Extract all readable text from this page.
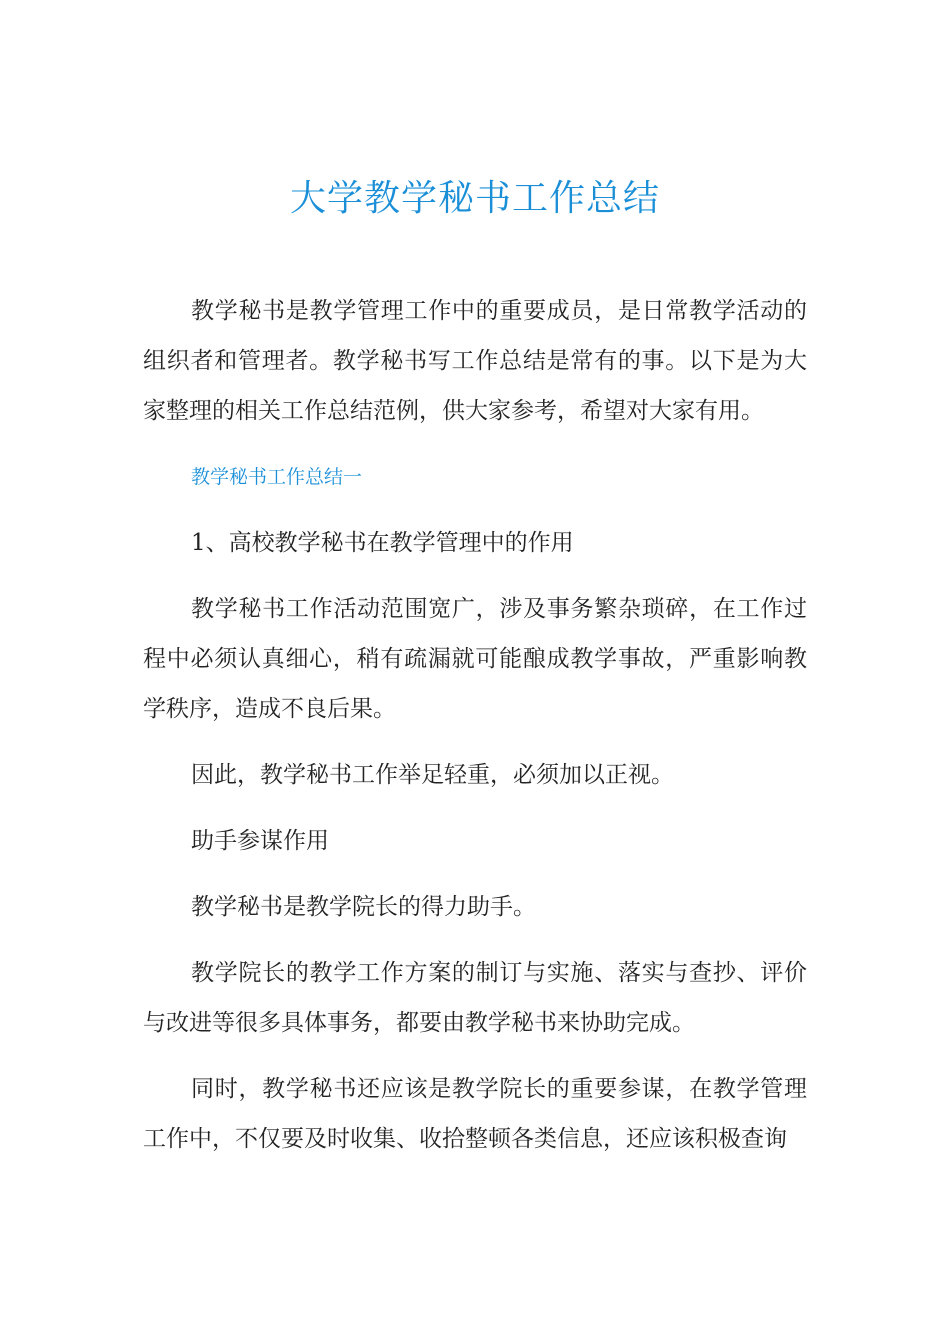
大学教学秘书工作总结

教学秘书是教学管理工作中的重要成员，是日常教学活动的组织者和管理者。教学秘书写工作总结是常有的事。以下是为大家整理的相关工作总结范例，供大家参考，希望对大家有用。

教学秘书工作总结一

1、高校教学秘书在教学管理中的作用

教学秘书工作活动范围宽广，涉及事务繁杂琐碎，在工作过程中必须认真细心，稍有疏漏就可能酿成教学事故，严重影响教学秩序，造成不良后果。

因此，教学秘书工作举足轻重，必须加以正视。

助手参谋作用

教学秘书是教学院长的得力助手。

教学院长的教学工作方案的制订与实施、落实与查抄、评价与改进等很多具体事务，都要由教学秘书来协助完成。

同时，教学秘书还应该是教学院长的重要参谋，在教学管理工作中，不仅要及时收集、收拾整顿各类信息，还应该积极查询
